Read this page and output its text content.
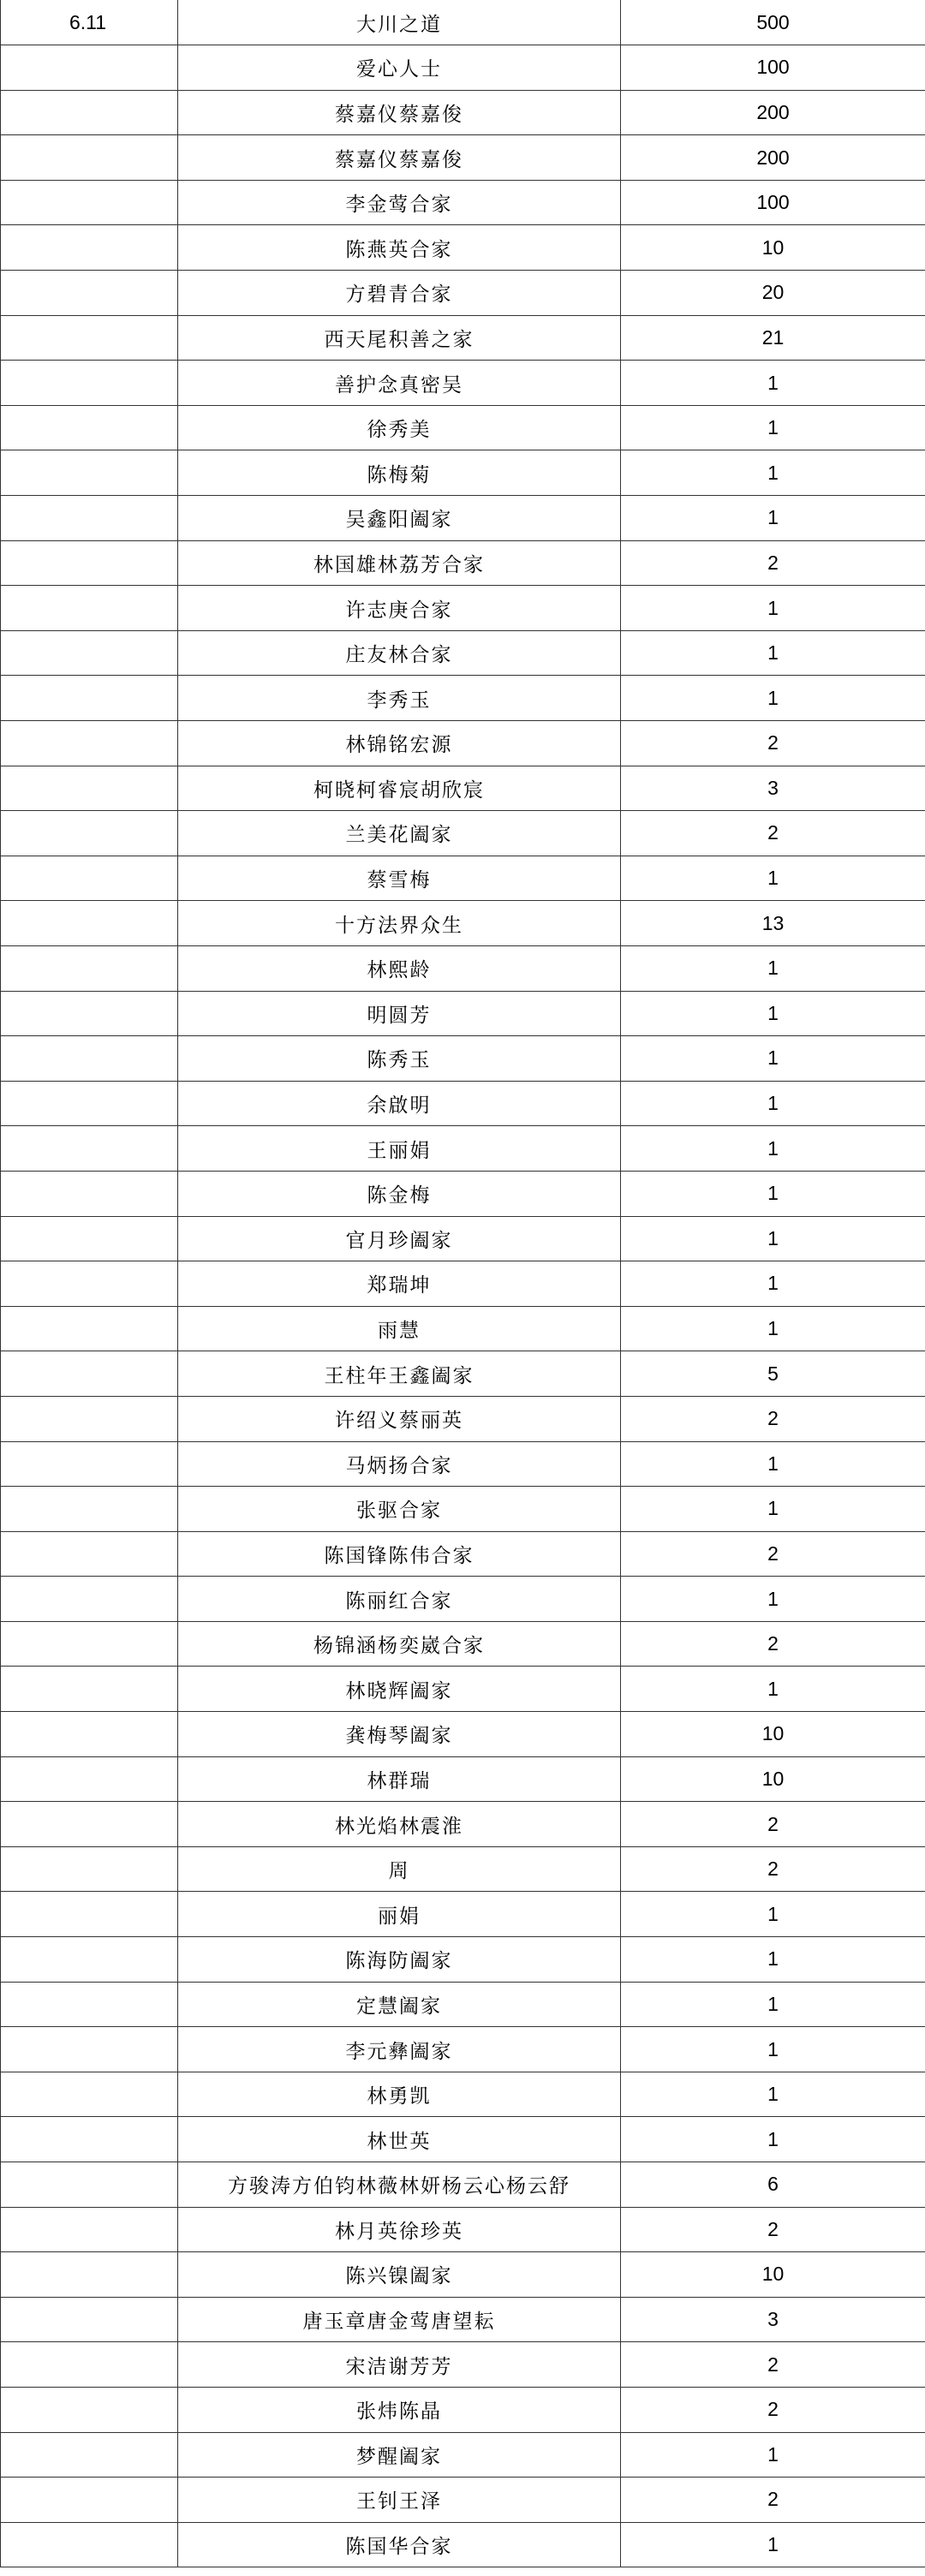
6.11	大川之道	500
	爱心人士	100
	蔡嘉仪蔡嘉俊	200
	蔡嘉仪蔡嘉俊	200
	李金莺合家	100
	陈燕英合家	10
	方碧青合家	20
	西天尾积善之家	21
	善护念真密吴	1
	徐秀美	1
	陈梅菊	1
	吴鑫阳阖家	1
	林国雄林荔芳合家	2
	许志庚合家	1
	庄友林合家	1
	李秀玉	1
	林锦铭宏源	2
	柯晓柯睿宸胡欣宸	3
	兰美花阖家	2
	蔡雪梅	1
	十方法界众生	13
	林熙龄	1
	明圆芳	1
	陈秀玉	1
	余啟明	1
	王丽娟	1
	陈金梅	1
	官月珍阖家	1
	郑瑞坤	1
	雨慧	1
	王柱年王鑫阖家	5
	许绍义蔡丽英	2
	马炳扬合家	1
	张驱合家	1
	陈国锋陈伟合家	2
	陈丽红合家	1
	杨锦涵杨奕崴合家	2
	林晓辉阖家	1
	龚梅琴阖家	10
	林群瑞	10
	林光焰林震淮	2
	周	2
	丽娟	1
	陈海防阖家	1
	定慧阖家	1
	李元彝阖家	1
	林勇凯	1
	林世英	1
	方骏涛方伯钧林薇林妍杨云心杨云舒	6
	林月英徐珍英	2
	陈兴镍阖家	10
	唐玉章唐金莺唐望耘	3
	宋洁谢芳芳	2
	张炜陈晶	2
	梦醒阖家	1
	王钊王泽	2
	陈国华合家	1
